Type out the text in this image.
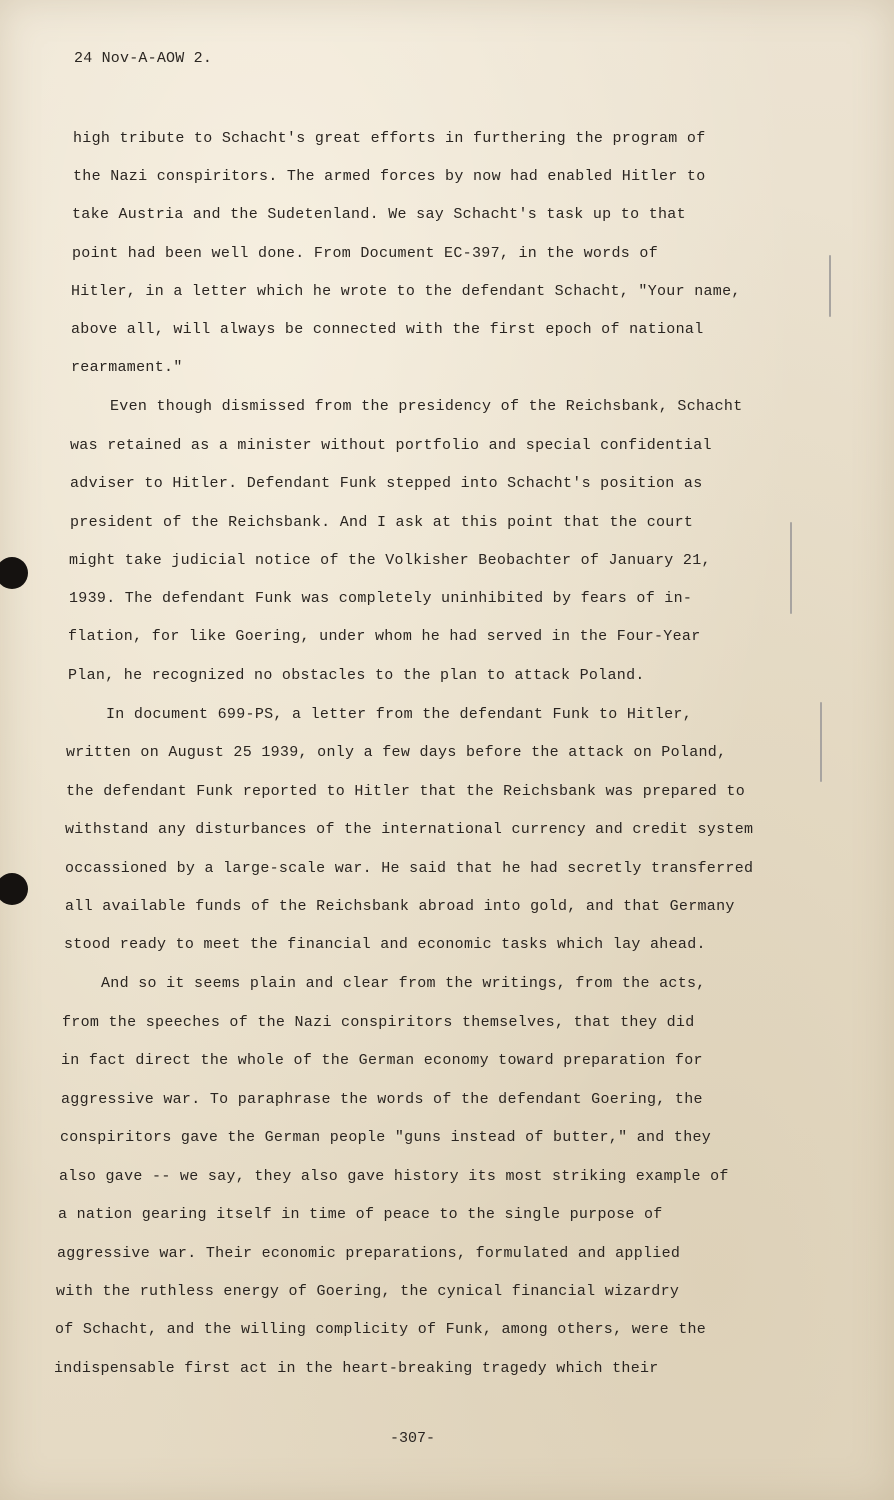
24 Nov-A-AOW 2.
high tribute to Schacht's great efforts in furthering the program of
the Nazi conspiritors. The armed forces by now had enabled Hitler to
take Austria and the Sudetenland. We say Schacht's task up to that
point had been well done. From Document EC-397, in the words of
Hitler, in a letter which he wrote to the defendant Schacht, "Your name,
above all, will always be connected with the first epoch of national
rearmament."
Even though dismissed from the presidency of the Reichsbank, Schacht
was retained as a minister without portfolio and special confidential
adviser to Hitler. Defendant Funk stepped into Schacht's position as
president of the Reichsbank. And I ask at this point that the court
might take judicial notice of the Volkisher Beobachter of January 21,
1939. The defendant Funk was completely uninhibited by fears of in-
flation, for like Goering, under whom he had served in the Four-Year
Plan, he recognized no obstacles to the plan to attack Poland.
In document 699-PS, a letter from the defendant Funk to Hitler,
written on August 25 1939, only a few days before the attack on Poland,
the defendant Funk reported to Hitler that the Reichsbank was prepared to
withstand any disturbances of the international currency and credit system
occassioned by a large-scale war. He said that he had secretly transferred
all available funds of the Reichsbank abroad into gold, and that Germany
stood ready to meet the financial and economic tasks which lay ahead.
And so it seems plain and clear from the writings, from the acts,
from the speeches of the Nazi conspiritors themselves, that they did
in fact direct the whole of the German economy toward preparation for
aggressive war. To paraphrase the words of the defendant Goering, the
conspiritors gave the German people "guns instead of butter," and they
also gave -- we say, they also gave history its most striking example of
a nation gearing itself in time of peace to the single purpose of
aggressive war. Their economic preparations, formulated and applied
with the ruthless energy of Goering, the cynical financial wizardry
of Schacht, and the willing complicity of Funk, among others, were the
indispensable first act in the heart-breaking tragedy which their
-307-
